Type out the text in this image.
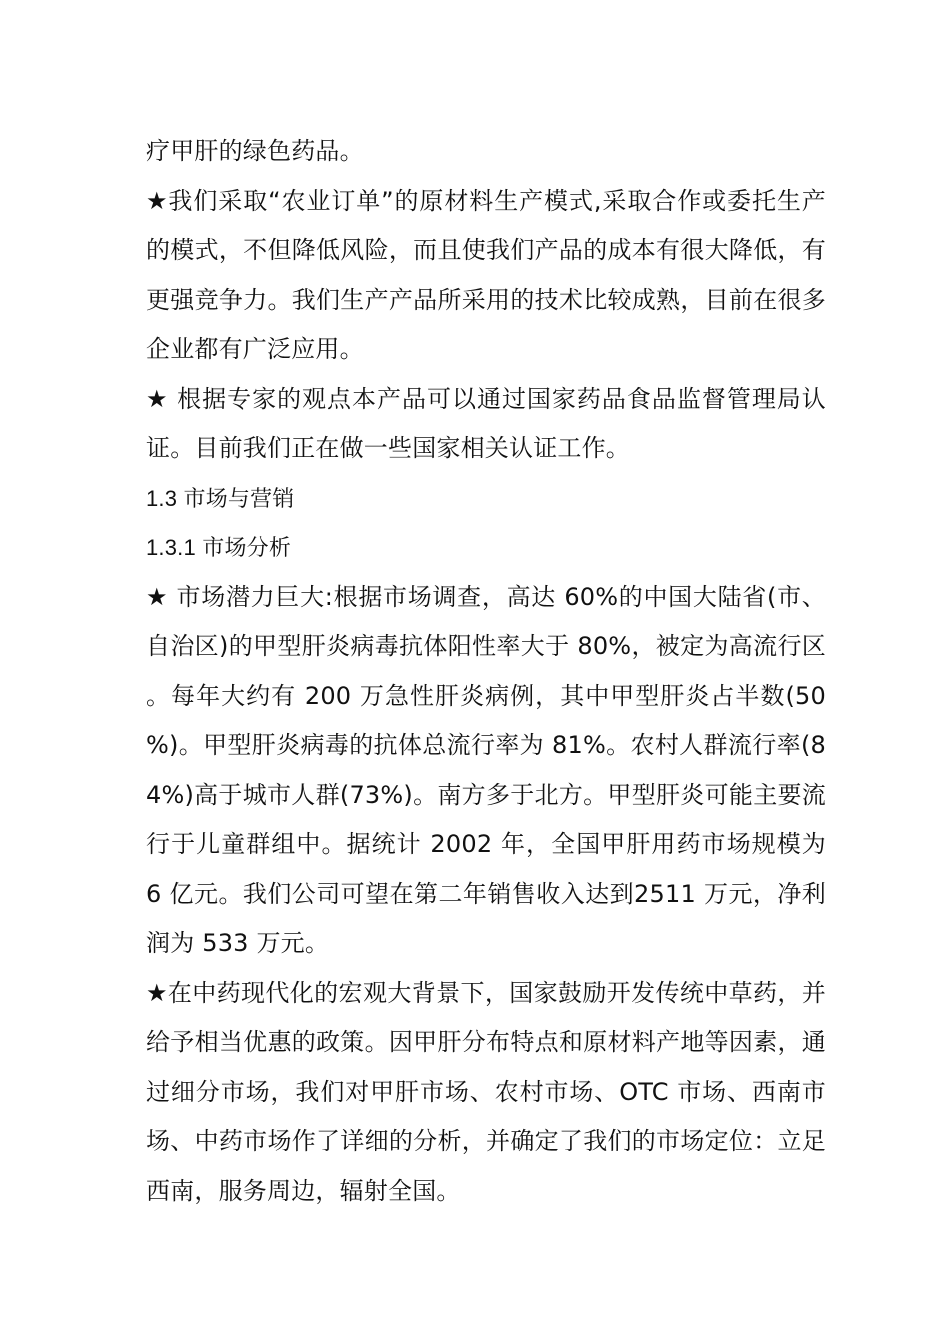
疗甲肝的绿色药品。

★我们采取“农业订单”的原材料生产模式,采取合作或委托生产的模式，不但降低风险，而且使我们产品的成本有很大降低，有更强竞争力。我们生产产品所采用的技术比较成熟，目前在很多企业都有广泛应用。

★ 根据专家的观点本产品可以通过国家药品食品监督管理局认证。目前我们正在做一些国家相关认证工作。

1.3 市场与营销

1.3.1 市场分析

★ 市场潜力巨大:根据市场调查，高达 60%的中国大陆省(市、自治区)的甲型肝炎病毒抗体阳性率大于 80%，被定为高流行区。每年大约有 200 万急性肝炎病例，其中甲型肝炎占半数(50%)。甲型肝炎病毒的抗体总流行率为 81%。农村人群流行率(84%)高于城市人群(73%)。南方多于北方。甲型肝炎可能主要流行于儿童群组中。据统计 2002 年，全国甲肝用药市场规模为 6 亿元。我们公司可望在第二年销售收入达到2511 万元，净利润为 533 万元。

★在中药现代化的宏观大背景下，国家鼓励开发传统中草药，并给予相当优惠的政策。因甲肝分布特点和原材料产地等因素，通过细分市场，我们对甲肝市场、农村市场、OTC 市场、西南市场、中药市场作了详细的分析，并确定了我们的市场定位：立足西南，服务周边，辐射全国。
